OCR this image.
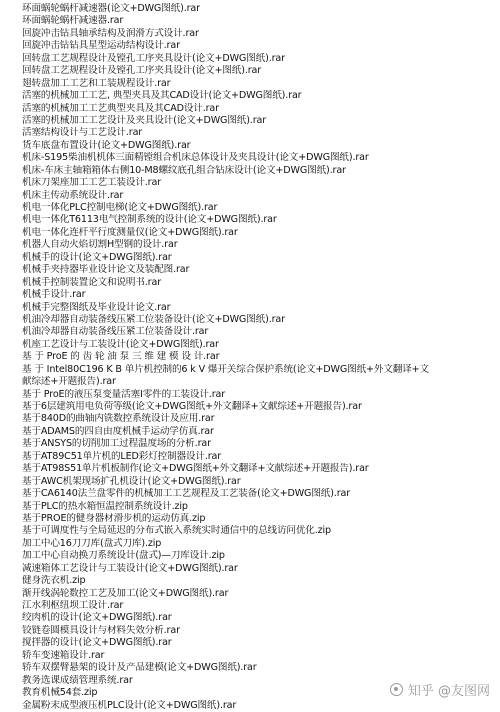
环面蜗轮蜗杆减速器(论文+DWG图纸).rar
环面蜗轮蜗杆减速器.rar
回旋冲击钻具轴承结构及润滑方式设计.rar
回旋冲击钻钻具星型运动结构设计.rar
回转盘工艺规程设计及镗孔工序夹具设计(论文+DWG图纸).rar
回转盘工艺规程设计及镗孔工序夹具设计(论文+图纸).rar
翅转盘加工工艺和工装规程设计.rar
活塞的机械加工工艺, 典型夹具及其CAD设计(论文+DWG图纸).rar
活塞的机械加工工艺典型夹具及其CAD设计.rar
活塞的机械加工工艺设计及夹具设计(论文+DWG图纸).rar
活塞结构设计与工艺设计.rar
货车底盘布置设计(论文+DWG图纸).rar
机床-S195柴油机机体三面精镗组合机床总体设计及夹具设计(论文+DWG图纸).rar
机床-车床主轴箱箱体右侧10-M8螺纹底孔组合钻床设计(论文+DWG图纸).rar
机床刀架座加工工艺工装设计.rar
机床主传动系统设计.rar
机电一体化PLC控制电梯(论文+DWG图纸).rar
机电一体化T6113电气控制系统的设计(论文+DWG图纸).rar
机电一体化连杆平行度测量仪(论文+DWG图纸).rar
机器人自动火焰切割H型钢的设计.rar
机械手的设计(论文+DWG图纸).rar
机械手夹持器毕业设计论文及装配图.rar
机械手控制装置论文和说明书.rar
机械手设计.rar
机械手完整图纸及毕业设计论文.rar
机油冷却器自动装备线压紧工位装备设计(论文+DWG图纸).rar
机油冷却器自动装备线压紧工位装备设计.rar
机座工艺设计与工装设计(论文+DWG图纸).rar
基 于 ProE 的 齿 轮 油 泵 三 维 建 模 设 计.rar
基 于 Intel80C196 K B 单片机控制的6 k V 爆开关综合保护系统(论文+DWG图纸+外文翻译+文
献综述+开题报告).rar
基于 ProE的液压泵变量活塞Ⅰ零件的工装设计.rar
基于6层建筑用电负荷等级(论文+DWG图纸+外文翻译+文献综述+开题报告).rar
基于840D的曲轴内铣数控系统设计及应用.rar
基于ADAMS的四自由度机械手运动学仿真.rar
基于ANSYS的切削加工过程温度场的分析.rar
基于AT89C51单片机的LED彩灯控制器设计.rar
基于AT98S51单片机板制作(论文+DWG图纸+外文翻译+文献综述+开题报告).rar
基于AWC机架现场扩孔机设计(论文+DWG图纸).rar
基于CA6140法兰盘零件的机械加工工艺规程及工艺装备(论文+DWG图纸).rar
基于PLC的热水箱恒温控制系统设计.zip
基于PROE的健身器材滑步机的运动仿真.zip
基于可调度性与全局延迟的分布式嵌入系统实时通信中的总线访问优化.zip
加工中心16刀刀库(盘式刀库).zip
加工中心自动换刀系统设计(盘式)—刀库设计.zip
减速箱体工艺设计与工装设计(论文+DWG图纸).rar
健身洗衣机.zip
渐开线涡轮数控工艺及加工(论文+DWG图纸).rar
江水利枢纽坝工设计.rar
绞肉机的设计(论文+DWG图纸).rar
铰链卷圆模具设计与材料失效分析.rar
搅拌器的设计(论文+DWG图纸).rar
轿车变速箱设计.rar
轿车双摆臂悬架的设计及产品建模(论文+DWG图纸).rar
教务选课成绩管理系统.rar
教育机械54套.zip
金属粉末成型液压机PLC设计(论文+DWG图纸).rar
知乎 @友图网
